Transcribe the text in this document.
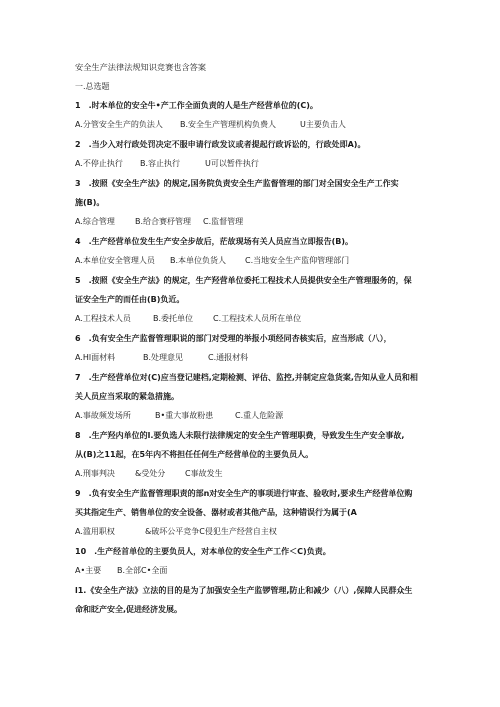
安全生产法律法规知识竞赛也含答案
一.总选题
1　.时本单位的安全牛•产工作全面负责的人是生产经营单位的(C)。
A.分管安全生产的负法人 B.安全生产管理机构负费人	U主要负击人
2　.当少入对行政处罚决定不服申请行政发议或者提起行政诉讼的，行政处即A)。
A.不停止执行 B.容止执行	U可以暂件执行
3　.按照《安全生产法》的规定,国务院负责安全生产监督管理的部门对全国安全生产工作实
施(B)。
A.综合管理	B.给合赛杼管理 C.监督管理
4　.生产经营单位发生生产安全步故后，茫故现场有关人员应当立即报告(B)。
A.本单位安全管理人员 B.本单位负货人 C.当地安全生产监仰管理部门
5　.按照《安全生产法》的规定，生产羟营单位委托工程技术人员提供安全生产管理服务的，保
证安全生产的而任由(B)负近。
A.工程技术人员	B.委托单位 C.工程技术人员所在单位
6　.负有安全生产监督管理职说的部门对受理的举报小项经同杏核实后，应当形成（八），
A.Hl面材料	B.处理意见	C.通报材科
7　.生产经营单位对(C)应当登记建档,定期检测、评估、监控,并制定应急货案,告知从业人员和相
关人员应当采取的紧急措施。
A.事故频发场所	B•重大事故粉患	C.重人危险源
8　.生产羟内单位的l.要负选人未限行法律规定的安全生产管理职费，导致发生生产安全事故,
从(B)之11起，在5年内不将担任任何生产经营单位的主要负员人。
A.刑事判决	&受处分 C事故发生
9　.负有安全生产监督管理职责的部n对安全生产的事项进行审查、验收时,要求生产经营单位购
买其指定生产、销售单位的安全设备、器材或者其他产品，这种错误行为属于(A
A.滥用职权	&破坏公平竞争C侵犯生产经营自主权
10　.生产经首单位的主要负员人，对本单位的安全生产工作＜C)负责。
A•主要 B.全部C•全面
l1.《安全生产法》立法的目的是为了加强安全生产监锣管理,防止和减少（八）,保障人民群众生
命和眨产安全,促进经济发展。
